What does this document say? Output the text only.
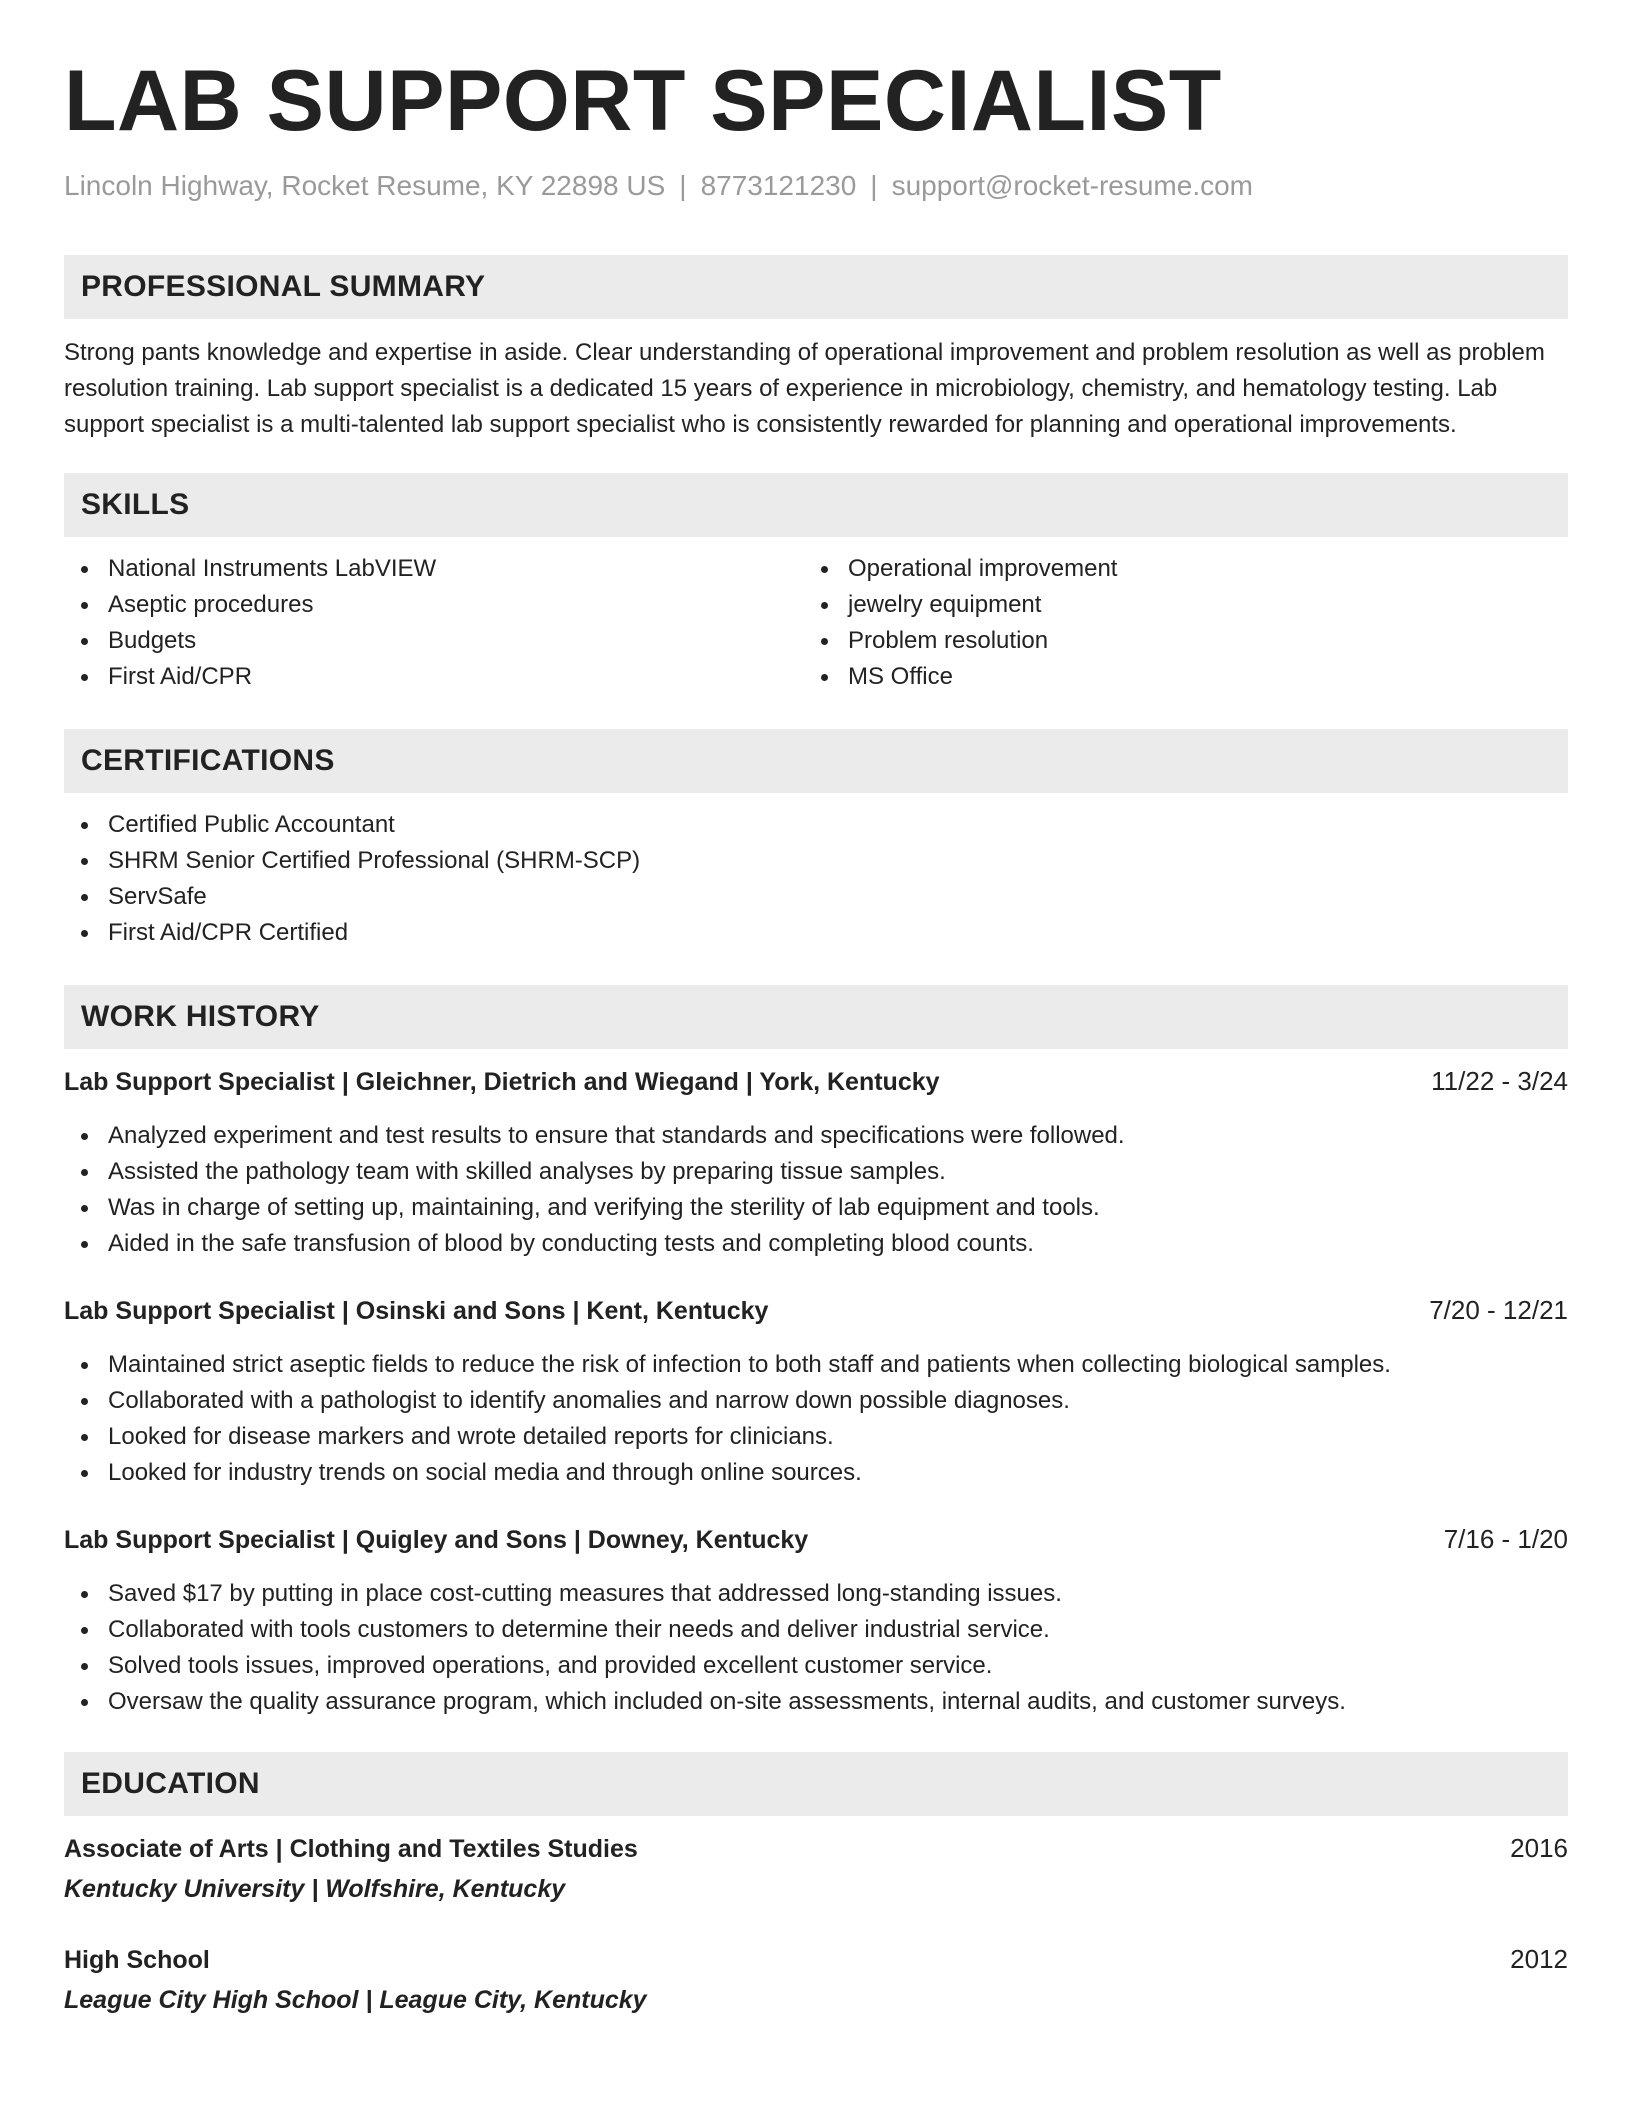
LAB SUPPORT SPECIALIST
Lincoln Highway, Rocket Resume, KY 22898 US | 8773121230 | support@rocket-resume.com
PROFESSIONAL SUMMARY

Strong pants knowledge and expertise in aside. Clear understanding of operational improvement and problem resolution as well as problem resolution training. Lab support specialist is a dedicated 15 years of experience in microbiology, chemistry, and hematology testing. Lab support specialist is a multi-talented lab support specialist who is consistently rewarded for planning and operational improvements.

SKILLS
National Instruments LabVIEW
Aseptic procedures
Budgets
First Aid/CPR
Operational improvement
jewelry equipment
Problem resolution
MS Office
CERTIFICATIONS
Certified Public Accountant
SHRM Senior Certified Professional (SHRM-SCP)
ServSafe
First Aid/CPR Certified
WORK HISTORY
Lab Support Specialist | Gleichner, Dietrich and Wiegand | York, Kentucky	11/22 - 3/24
Analyzed experiment and test results to ensure that standards and specifications were followed.
Assisted the pathology team with skilled analyses by preparing tissue samples.
Was in charge of setting up, maintaining, and verifying the sterility of lab equipment and tools.
Aided in the safe transfusion of blood by conducting tests and completing blood counts.
Lab Support Specialist | Osinski and Sons | Kent, Kentucky	7/20 - 12/21
Maintained strict aseptic fields to reduce the risk of infection to both staff and patients when collecting biological samples.
Collaborated with a pathologist to identify anomalies and narrow down possible diagnoses.
Looked for disease markers and wrote detailed reports for clinicians.
Looked for industry trends on social media and through online sources.
Lab Support Specialist | Quigley and Sons | Downey, Kentucky	7/16 - 1/20
Saved $17 by putting in place cost-cutting measures that addressed long-standing issues.
Collaborated with tools customers to determine their needs and deliver industrial service.
Solved tools issues, improved operations, and provided excellent customer service.
Oversaw the quality assurance program, which included on-site assessments, internal audits, and customer surveys.
EDUCATION
Associate of Arts | Clothing and Textiles Studies	2016
Kentucky University | Wolfshire, Kentucky
High School	2012
League City High School | League City, Kentucky
